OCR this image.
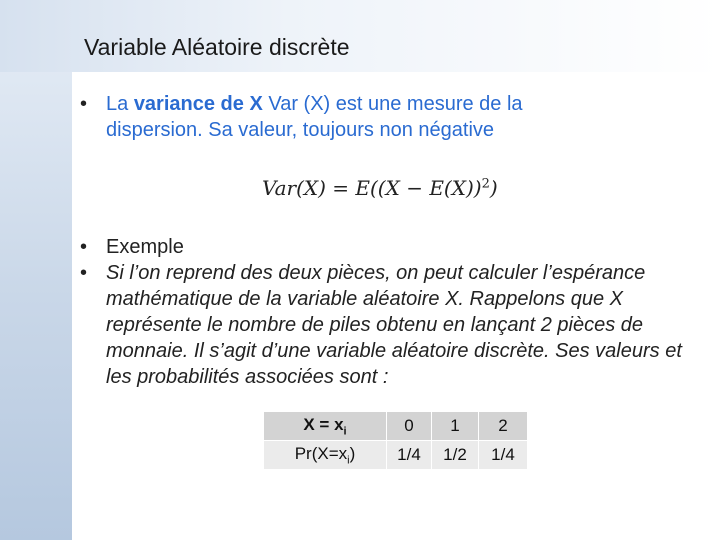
Variable Aléatoire discrète
• La variance de X Var (X) est une mesure de la
dispersion. Sa valeur, toujours non négative
$Var(X) = E((X - E(X))^2)$
• Exemple
• Si l’on reprend des deux pièces, on peut calculer l’espérance mathématique de la variable aléatoire X. Rappelons que X représente le nombre de piles obtenu en lançant 2 pièces de monnaie. Il s’agit d’une variable aléatoire discrète. Ses valeurs et les probabilités associées sont :
$X = x_i$	0	1	2
$Pr(X=x_i)$	1/4	1/2	1/4
